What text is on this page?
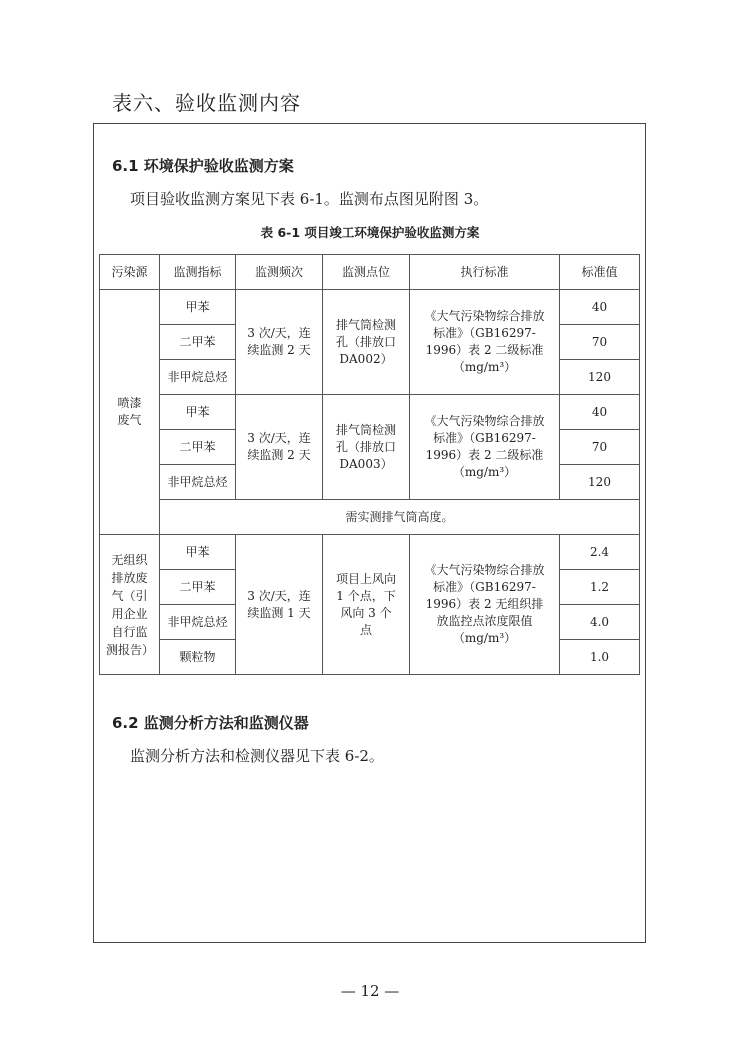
表六、验收监测内容
6.1 环境保护验收监测方案
项目验收监测方案见下表 6-1。监测布点图见附图 3。
表 6-1 项目竣工环境保护验收监测方案
污染源	监测指标	监测频次	监测点位	执行标准	标准值
喷漆废气	甲苯	3 次/天，连续监测 2 天	排气筒检测孔（排放口 DA002）	《大气污染物综合排放标准》（GB16297-1996）表 2 二级标准（mg/m³）	40
	二甲苯				70
	非甲烷总烃				120
	甲苯	3 次/天，连续监测 2 天	排气筒检测孔（排放口 DA003）	《大气污染物综合排放标准》（GB16297-1996）表 2 二级标准（mg/m³）	40
	二甲苯				70
	非甲烷总烃				120
	需实测排气筒高度。				
无组织排放废气（引用企业自行监测报告）	甲苯	3 次/天，连续监测 1 天	项目上风向 1 个点，下风向 3 个点	《大气污染物综合排放标准》（GB16297-1996）表 2 无组织排放监控点浓度限值（mg/m³）	2.4
	二甲苯				1.2
	非甲烷总烃				4.0
	颗粒物				1.0
6.2 监测分析方法和监测仪器
监测分析方法和检测仪器见下表 6-2。
— 12 —
